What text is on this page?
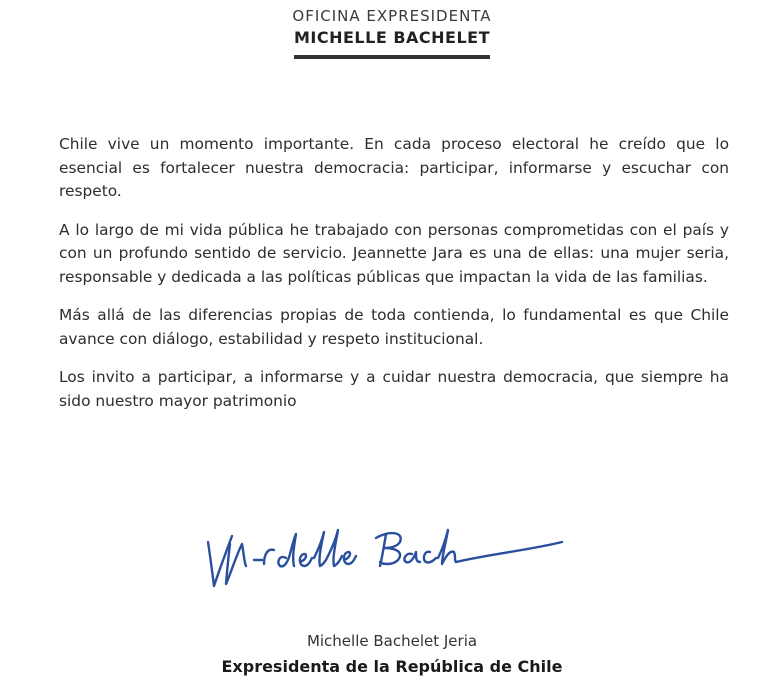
OFICINA EXPRESIDENTA
MICHELLE BACHELET

Chile vive un momento importante. En cada proceso electoral he creído que lo esencial es fortalecer nuestra democracia: participar, informarse y escuchar con respeto.

A lo largo de mi vida pública he trabajado con personas comprometidas con el país y con un profundo sentido de servicio. Jeannette Jara es una de ellas: una mujer seria, responsable y dedicada a las políticas públicas que impactan la vida de las familias.

Más allá de las diferencias propias de toda contienda, lo fundamental es que Chile avance con diálogo, estabilidad y respeto institucional.

Los invito a participar, a informarse y a cuidar nuestra democracia, que siempre ha sido nuestro mayor patrimonio

Michelle Bachelet Jeria
Expresidenta de la República de Chile
